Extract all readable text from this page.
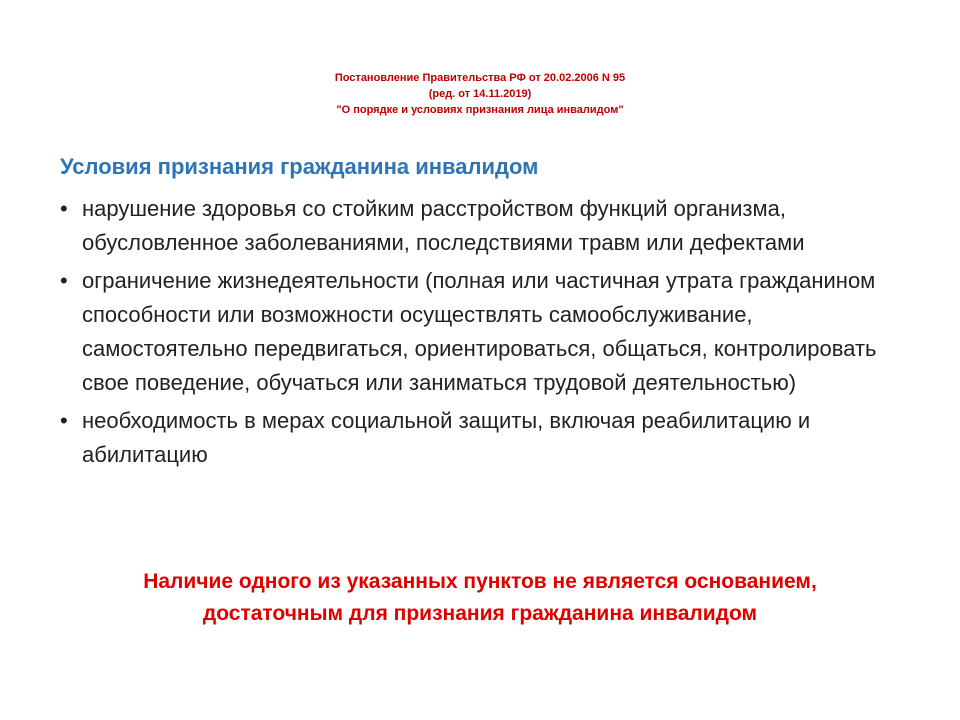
Постановление Правительства РФ от 20.02.2006 N 95
(ред. от 14.11.2019)
"О порядке и условиях признания лица инвалидом"
Условия признания гражданина инвалидом
• нарушение здоровья со стойким расстройством функций организма, обусловленное заболеваниями, последствиями травм или дефектами
• ограничение жизнедеятельности (полная или частичная утрата гражданином способности или возможности осуществлять самообслуживание, самостоятельно передвигаться, ориентироваться, общаться, контролировать свое поведение, обучаться или заниматься трудовой деятельностью)
• необходимость в мерах социальной защиты, включая реабилитацию и абилитацию
Наличие одного из указанных пунктов не является основанием,
достаточным для признания гражданина инвалидом
